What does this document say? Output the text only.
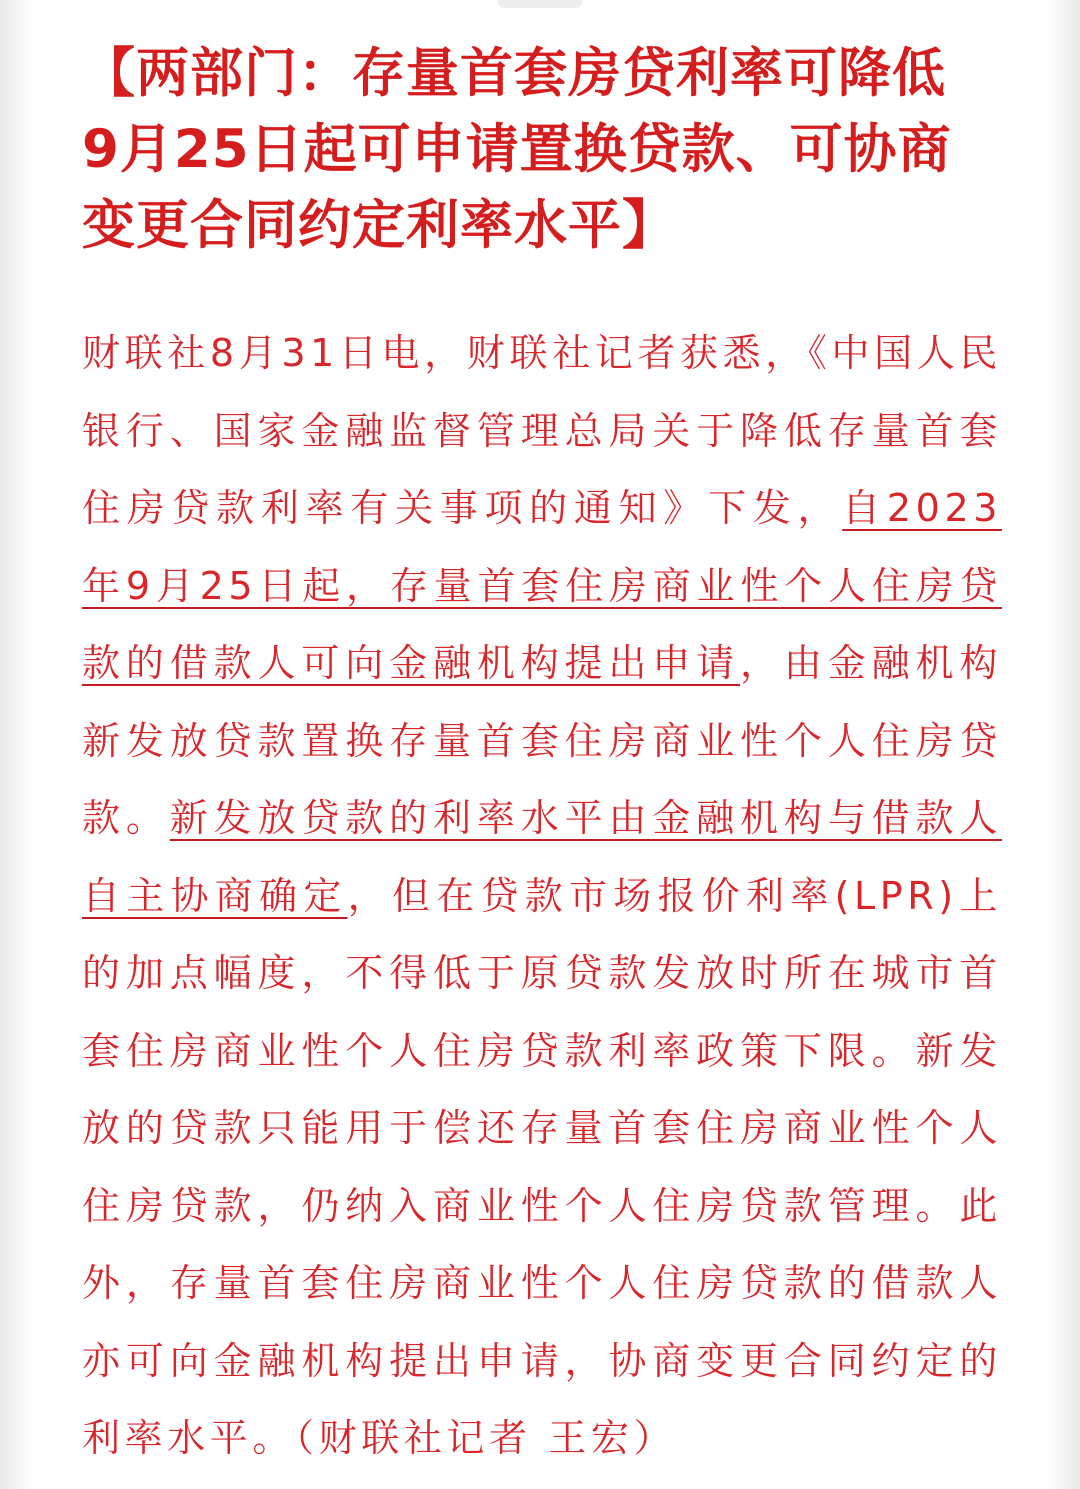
【两部门：存量首套房贷利率可降低
9月25日起可申请置换贷款、可协商
变更合同约定利率水平】

财联社8月31日电，财联社记者获悉，《中国人民银行、国家金融监督管理总局关于降低存量首套住房贷款利率有关事项的通知》下发，自2023年9月25日起，存量首套住房商业性个人住房贷款的借款人可向金融机构提出申请，由金融机构新发放贷款置换存量首套住房商业性个人住房贷款。新发放贷款的利率水平由金融机构与借款人自主协商确定，但在贷款市场报价利率(LPR)上的加点幅度，不得低于原贷款发放时所在城市首套住房商业性个人住房贷款利率政策下限。新发放的贷款只能用于偿还存量首套住房商业性个人住房贷款，仍纳入商业性个人住房贷款管理。此外，存量首套住房商业性个人住房贷款的借款人亦可向金融机构提出申请，协商变更合同约定的利率水平。（财联社记者 王宏）
